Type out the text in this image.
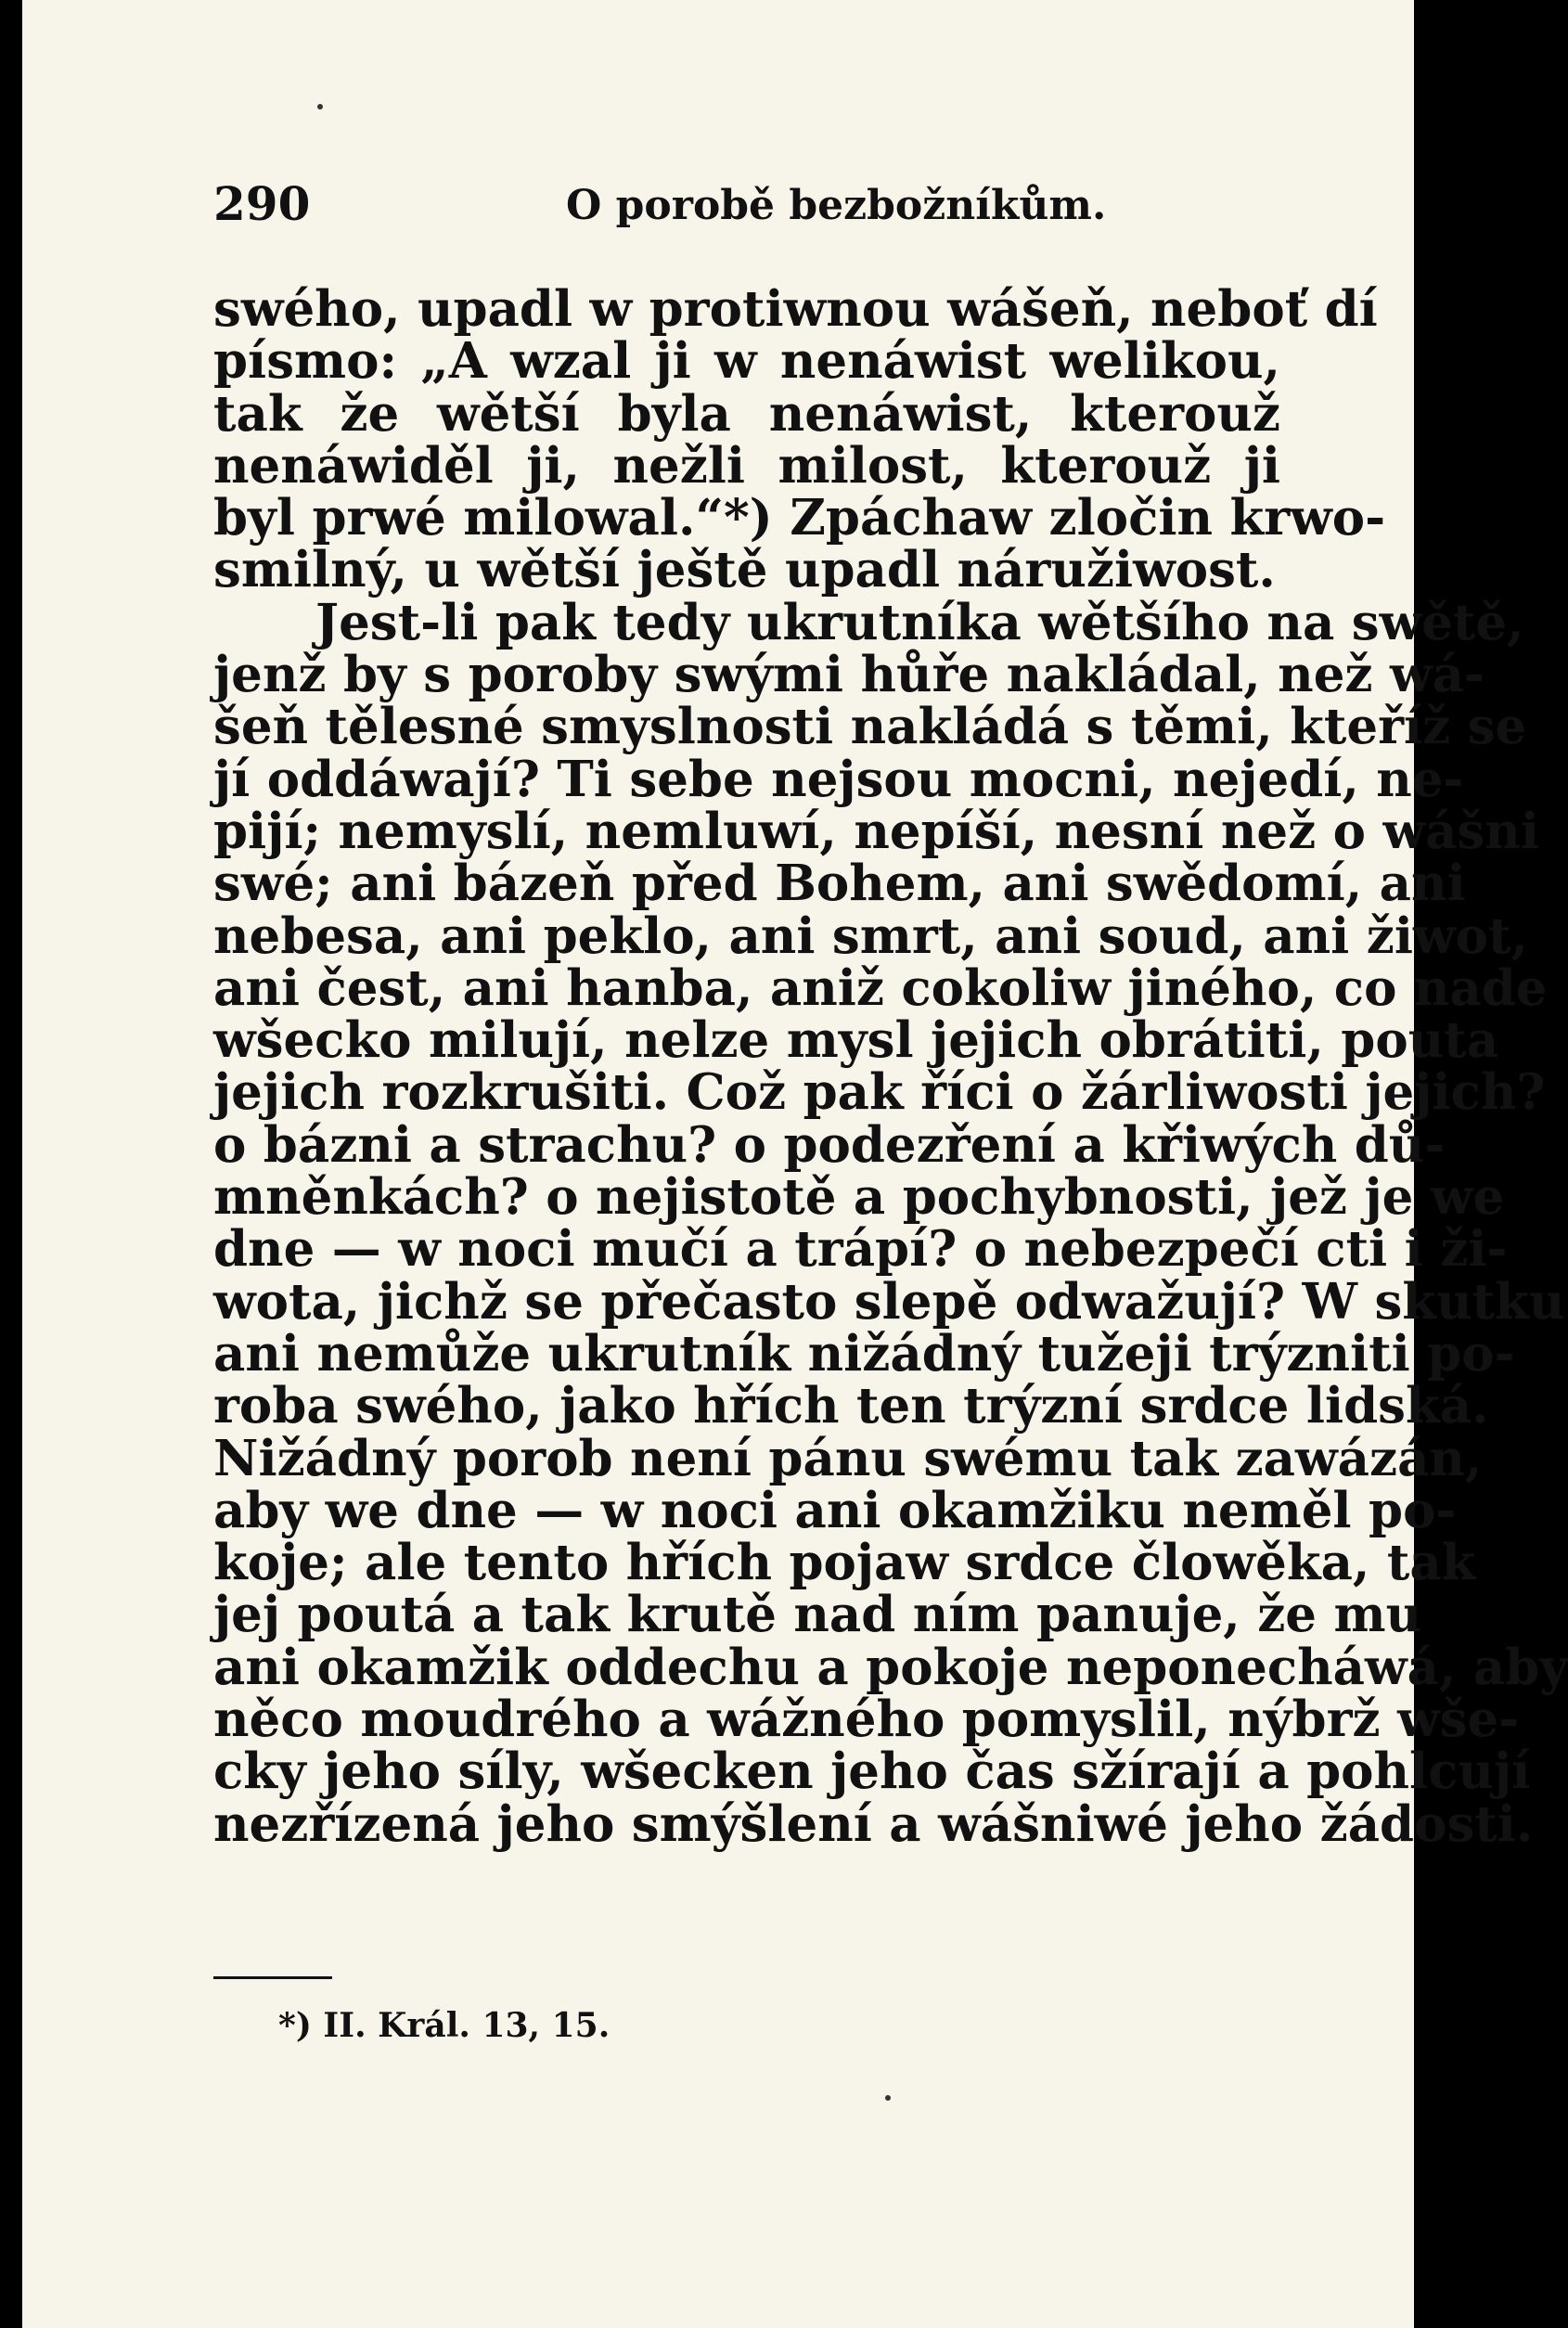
290	O porobě bezbožníkům.
swého, upadl w protiwnou wášeň, neboť dí
písmo: „A wzal ji w nenáwist welikou,
tak že wětší byla nenáwist, kterouž
nenáwiděl ji, nežli milost, kterouž ji
byl prwé milowal.“*) Zpáchaw zločin krwo-
smilný, u wětší ještě upadl náružiwost.
Jest-li pak tedy ukrutníka wětšího na swětě,
jenž by s poroby swými hůře nakládal, než wá-
šeň tělesné smyslnosti nakládá s těmi, kteříž se
jí oddáwají? Ti sebe nejsou mocni, nejedí, ne-
pijí; nemyslí, nemluwí, nepíší, nesní než o wášni
swé; ani bázeň před Bohem, ani swědomí, ani
nebesa, ani peklo, ani smrt, ani soud, ani žiwot,
ani čest, ani hanba, aniž cokoliw jiného, co nade
wšecko milují, nelze mysl jejich obrátiti, pouta
jejich rozkrušiti. Což pak říci o žárliwosti jejich?
o bázni a strachu? o podezření a křiwých dů-
mněnkách? o nejistotě a pochybnosti, jež je we
dne — w noci mučí a trápí? o nebezpečí cti i ži-
wota, jichž se přečasto slepě odwažují? W skutku
ani nemůže ukrutník nižádný tužeji trýzniti po-
roba swého, jako hřích ten trýzní srdce lidská.
Nižádný porob není pánu swému tak zawázán,
aby we dne — w noci ani okamžiku neměl po-
koje; ale tento hřích pojaw srdce člowěka, tak
jej poutá a tak krutě nad ním panuje, že mu
ani okamžik oddechu a pokoje neponecháwá, aby
něco moudrého a wážného pomyslil, nýbrž wše-
cky jeho síly, wšecken jeho čas sžírají a pohlcují
nezřízená jeho smýšlení a wášniwé jeho žádosti.
*) II. Král. 13, 15.
